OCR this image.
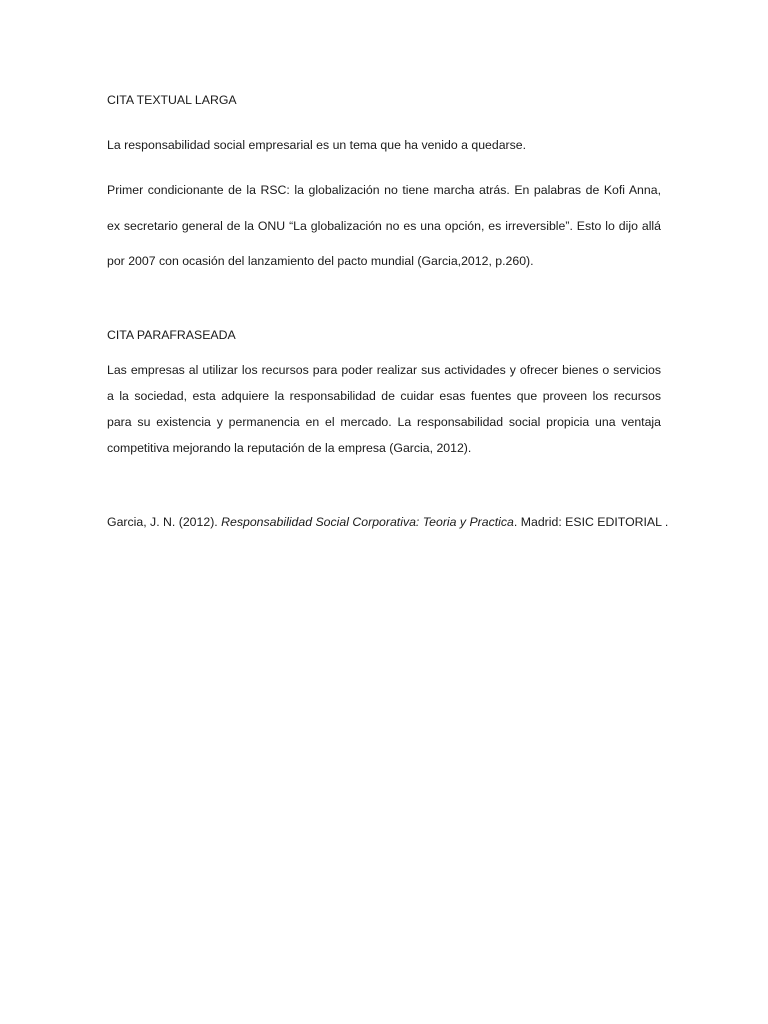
CITA TEXTUAL LARGA

La responsabilidad social empresarial es un tema que ha venido a quedarse.

Primer condicionante de la RSC: la globalización no tiene marcha atrás. En palabras de Kofi Anna,
ex secretario general de la ONU “La globalización no es una opción, es irreversible”. Esto lo dijo allá
por 2007 con ocasión del lanzamiento del pacto mundial (Garcia,2012, p.260).

CITA PARAFRASEADA

Las empresas al utilizar los recursos para poder realizar sus actividades y ofrecer bienes o servicios
a la sociedad, esta adquiere la responsabilidad de cuidar esas fuentes que proveen los recursos
para su existencia y permanencia en el mercado. La responsabilidad social propicia una ventaja
competitiva mejorando la reputación de la empresa (Garcia, 2012).

Garcia, J. N. (2012). Responsabilidad Social Corporativa: Teoria y Practica. Madrid: ESIC EDITORIAL .
